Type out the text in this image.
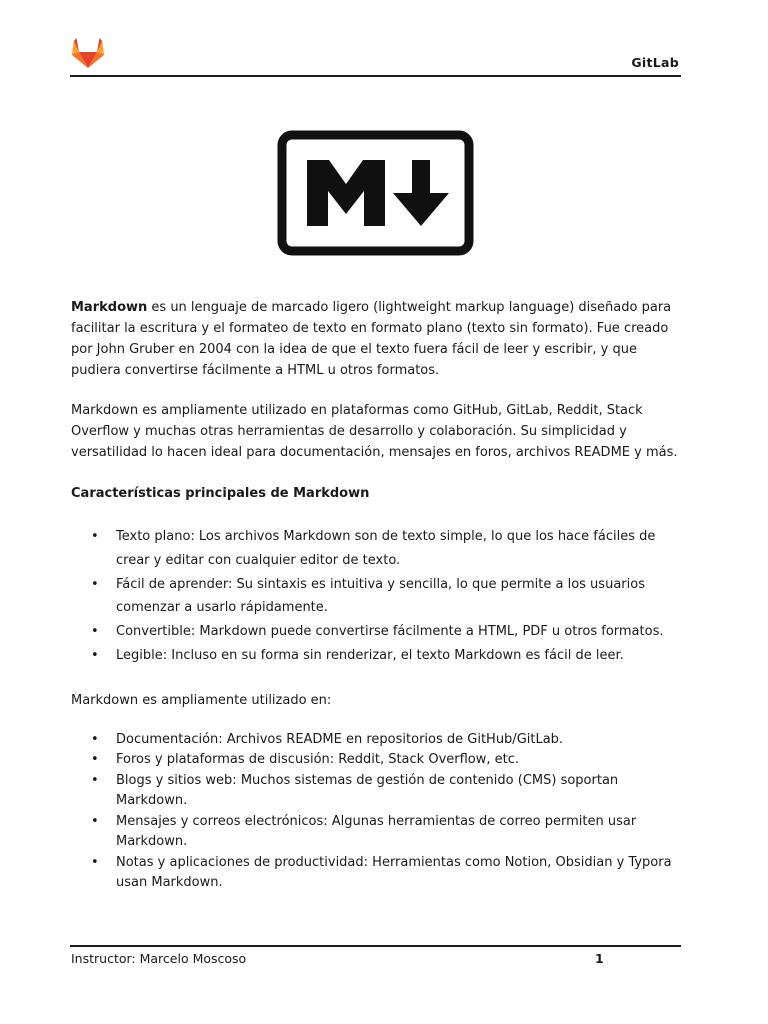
GitLab

Markdown es un lenguaje de marcado ligero (lightweight markup language) diseñado para facilitar la escritura y el formateo de texto en formato plano (texto sin formato). Fue creado por John Gruber en 2004 con la idea de que el texto fuera fácil de leer y escribir, y que pudiera convertirse fácilmente a HTML u otros formatos.

Markdown es ampliamente utilizado en plataformas como GitHub, GitLab, Reddit, Stack Overflow y muchas otras herramientas de desarrollo y colaboración. Su simplicidad y versatilidad lo hacen ideal para documentación, mensajes en foros, archivos README y más.

Características principales de Markdown

• Texto plano: Los archivos Markdown son de texto simple, lo que los hace fáciles de crear y editar con cualquier editor de texto.
• Fácil de aprender: Su sintaxis es intuitiva y sencilla, lo que permite a los usuarios comenzar a usarlo rápidamente.
• Convertible: Markdown puede convertirse fácilmente a HTML, PDF u otros formatos.
• Legible: Incluso en su forma sin renderizar, el texto Markdown es fácil de leer.

Markdown es ampliamente utilizado en:

• Documentación: Archivos README en repositorios de GitHub/GitLab.
• Foros y plataformas de discusión: Reddit, Stack Overflow, etc.
• Blogs y sitios web: Muchos sistemas de gestión de contenido (CMS) soportan Markdown.
• Mensajes y correos electrónicos: Algunas herramientas de correo permiten usar Markdown.
• Notas y aplicaciones de productividad: Herramientas como Notion, Obsidian y Typora usan Markdown.
Instructor: Marcelo Moscoso	1
